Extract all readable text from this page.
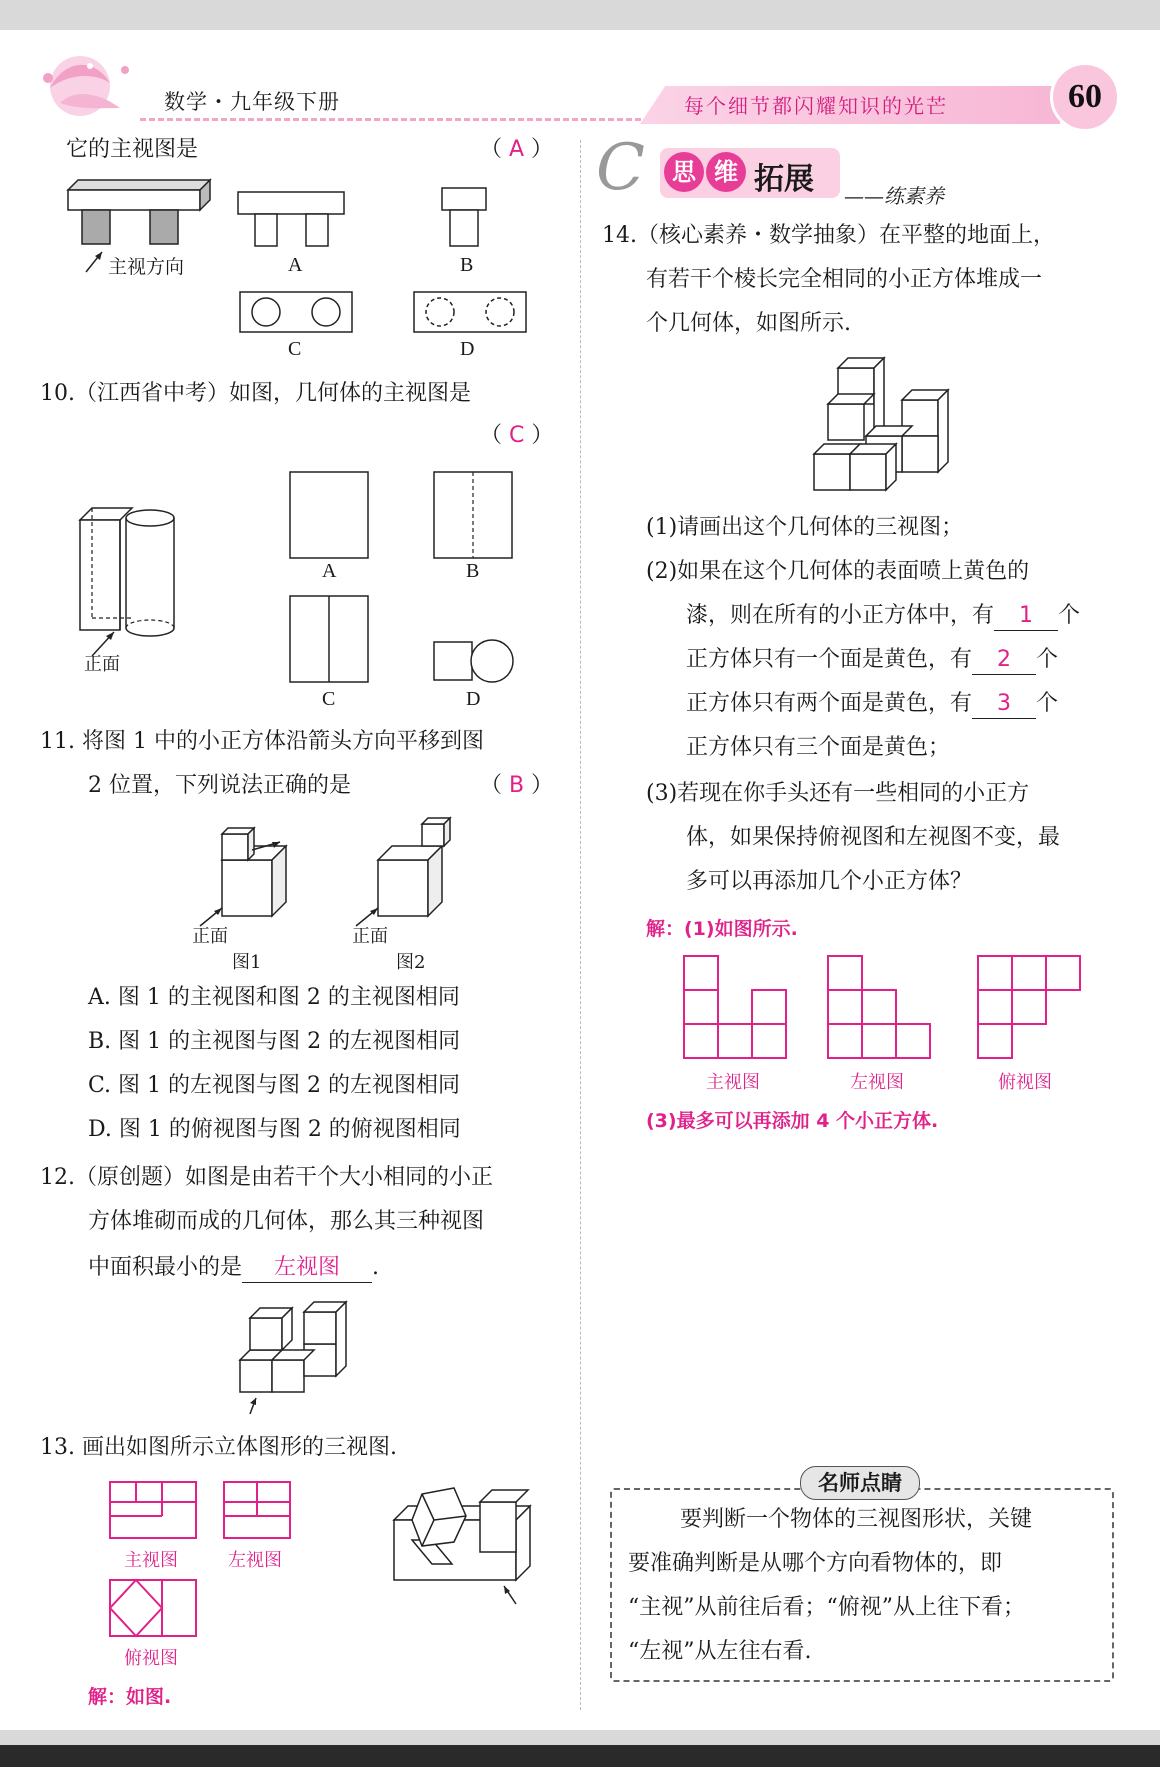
数学・九年级下册	每个细节都闪耀知识的光芒	60
它的主视图是	（ A ）
主视方向	A	B
C	D
10.（江西省中考）如图，几何体的主视图是
（ C ）
正面
A	B
C	D
11. 将图 1 中的小正方体沿箭头方向平移到图
2 位置，下列说法正确的是	（ B ）
正面	正面
图1	图2
A. 图 1 的主视图和图 2 的主视图相同
B. 图 1 的主视图与图 2 的左视图相同
C. 图 1 的左视图与图 2 的左视图相同
D. 图 1 的俯视图与图 2 的俯视图相同
12.（原创题）如图是由若干个大小相同的小正
方体堆砌而成的几何体，那么其三种视图
中面积最小的是 左视图 .
13. 画出如图所示立体图形的三视图.
主视图	左视图
俯视图
解：如图.
C	思 维 拓展 ——练素养
14.（核心素养・数学抽象）在平整的地面上，
有若干个棱长完全相同的小正方体堆成一
个几何体，如图所示.
(1)请画出这个几何体的三视图；
(2)如果在这个几何体的表面喷上黄色的
漆，则在所有的小正方体中，有 1 个
正方体只有一个面是黄色，有 2 个
正方体只有两个面是黄色，有 3 个
正方体只有三个面是黄色；
(3)若现在你手头还有一些相同的小正方
体，如果保持俯视图和左视图不变，最
多可以再添加几个小正方体？
解：(1)如图所示.
主视图	左视图	俯视图
(3)最多可以再添加 4 个小正方体.
名师点睛
要判断一个物体的三视图形状，关键
要准确判断是从哪个方向看物体的，即
“主视”从前往后看；“俯视”从上往下看；
“左视”从左往右看.
